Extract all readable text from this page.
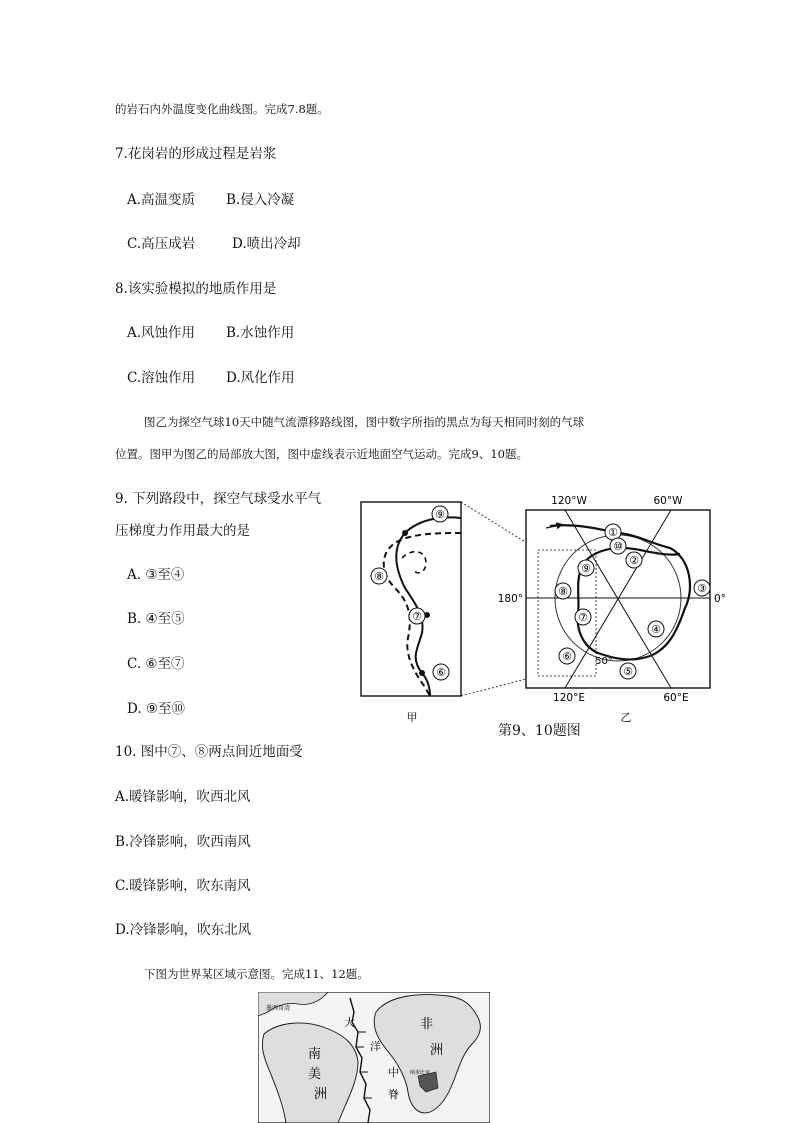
的岩石内外温度变化曲线图。完成7.8题。
7.花岗岩的形成过程是岩浆
A.高温变质 B.侵入冷凝
C.高压成岩	D.喷出冷却
8.该实验模拟的地质作用是
A.风蚀作用 B.水蚀作用
C.溶蚀作用 D.风化作用
图乙为探空气球10天中随气流漂移路线图，图中数字所指的黑点为每天相同时刻的气球
位置。图甲为图乙的局部放大图，图中虚线表示近地面空气运动。完成9、10题。
9. 下列路段中，探空气球受水平气
压梯度力作用最大的是
A. ③至④
B. ④至⑤
C. ⑥至⑦
D. ⑨至⑩
⑨
⑧
⑦
⑥
①
⑩
②
③
④
⑤
⑥
⑦
⑧
⑨
50°
120°W	60°W
180°	0°
120°E	60°E
甲	乙
第9、10题图
10. 图中⑦、⑧两点间近地面受
A.暖锋影响，吹西北风
B.冷锋影响，吹西南风
C.暖锋影响，吹东南风
D.冷锋影响，吹东北风
下图为世界某区域示意图。完成11、12题。
墨西哥湾
南
美
洲
大
洋
中
脊
非
洲
纳米比亚
